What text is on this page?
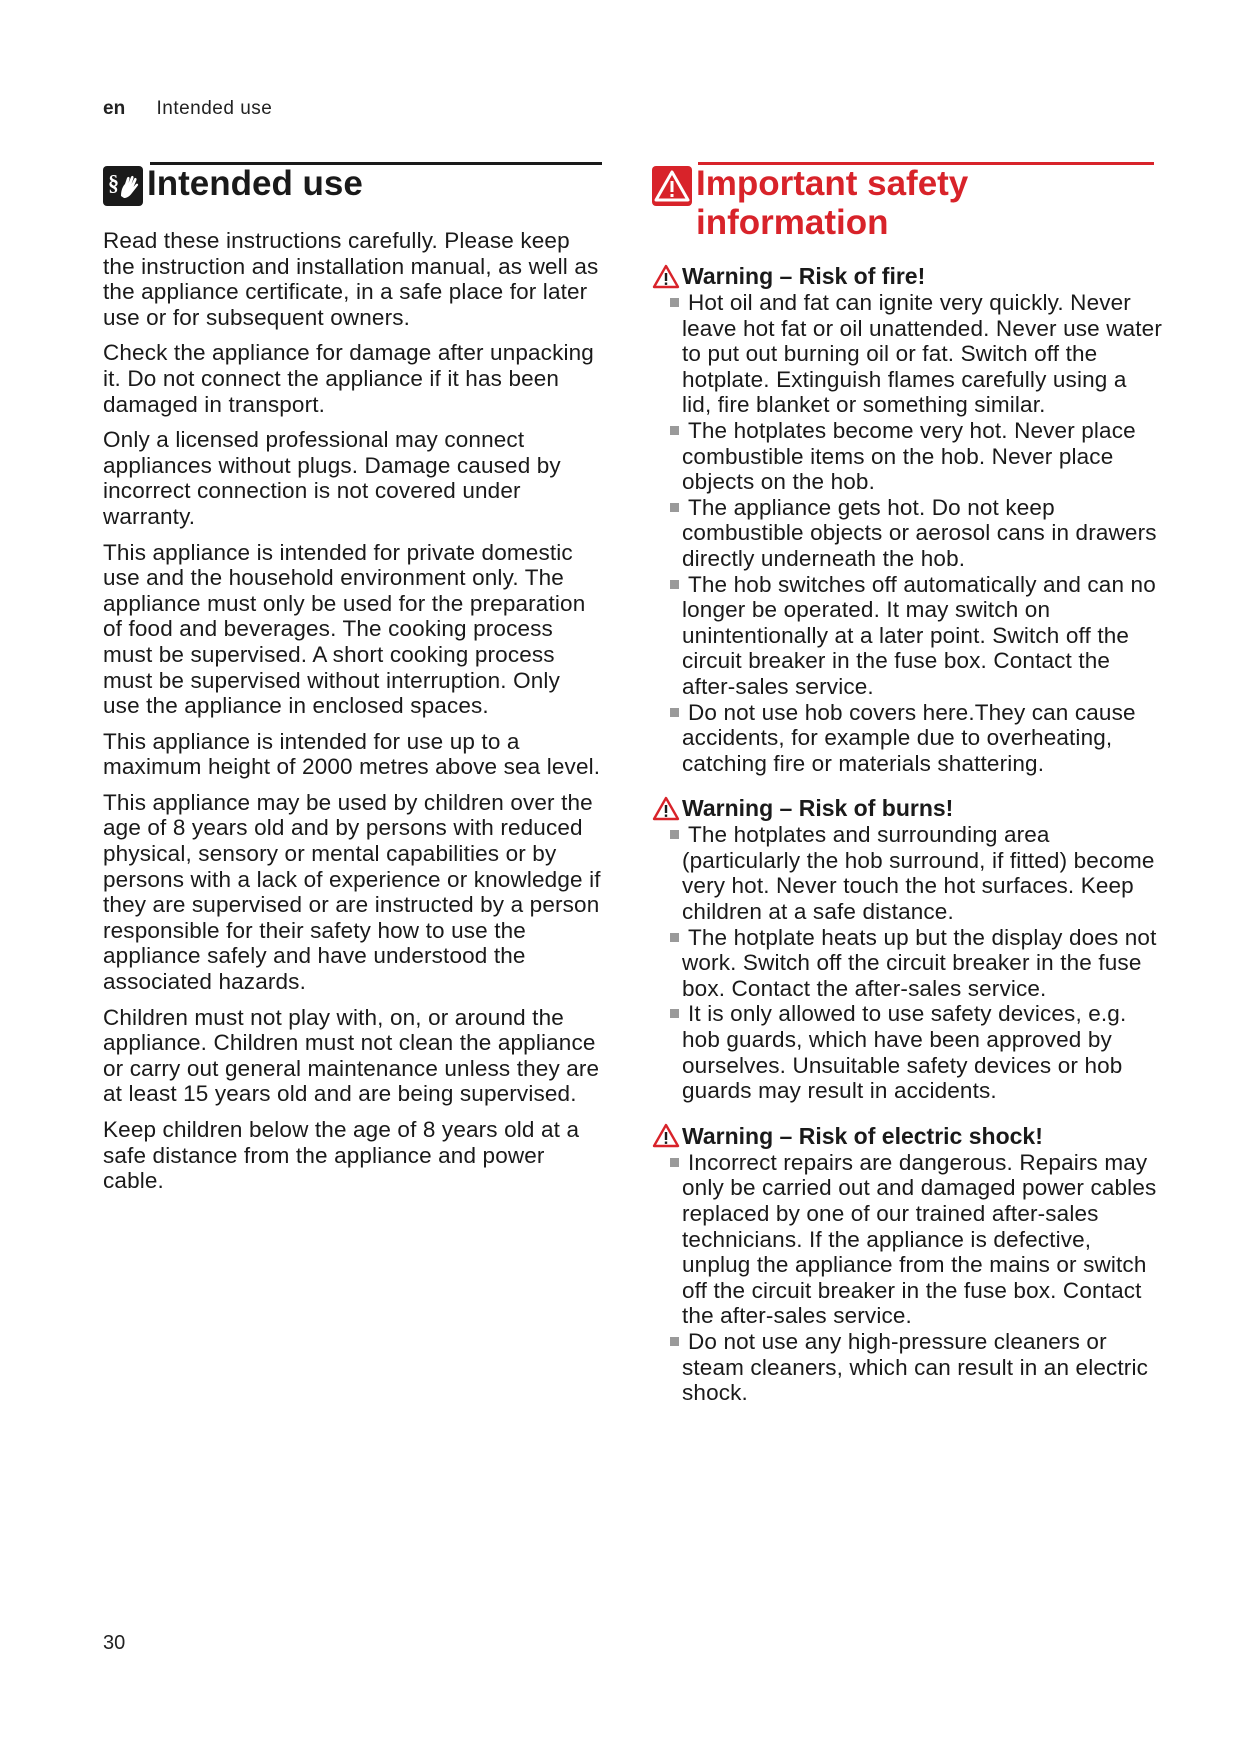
en Intended use
§ Intended use

Read these instructions carefully. Please keep the instruction and installation manual, as well as the appliance certificate, in a safe place for later use or for subsequent owners.

Check the appliance for damage after unpacking it. Do not connect the appliance if it has been damaged in transport.

Only a licensed professional may connect appliances without plugs. Damage caused by incorrect connection is not covered under warranty.

This appliance is intended for private domestic use and the household environment only. The appliance must only be used for the preparation of food and beverages. The cooking process must be supervised. A short cooking process must be supervised without interruption. Only use the appliance in enclosed spaces.

This appliance is intended for use up to a maximum height of 2000 metres above sea level.

This appliance may be used by children over the age of 8 years old and by persons with reduced physical, sensory or mental capabilities or by persons with a lack of experience or knowledge if they are supervised or are instructed by a person responsible for their safety how to use the appliance safely and have understood the associated hazards.

Children must not play with, on, or around the appliance. Children must not clean the appliance or carry out general maintenance unless they are at least 15 years old and are being supervised.

Keep children below the age of 8 years old at a safe distance from the appliance and power cable.

Important safety
information
Warning – Risk of fire!
Hot oil and fat can ignite very quickly. Never leave hot fat or oil unattended. Never use water to put out burning oil or fat. Switch off the hotplate. Extinguish flames carefully using a lid, fire blanket or something similar.
The hotplates become very hot. Never place combustible items on the hob. Never place objects on the hob.
The appliance gets hot. Do not keep combustible objects or aerosol cans in drawers directly underneath the hob.
The hob switches off automatically and can no longer be operated. It may switch on unintentionally at a later point. Switch off the circuit breaker in the fuse box. Contact the after-sales service.
Do not use hob covers here.They can cause accidents, for example due to overheating, catching fire or materials shattering.
Warning – Risk of burns!
The hotplates and surrounding area (particularly the hob surround, if fitted) become very hot. Never touch the hot surfaces. Keep children at a safe distance.
The hotplate heats up but the display does not work. Switch off the circuit breaker in the fuse box. Contact the after-sales service.
It is only allowed to use safety devices, e.g. hob guards, which have been approved by ourselves. Unsuitable safety devices or hob guards may result in accidents.
Warning – Risk of electric shock!
Incorrect repairs are dangerous. Repairs may only be carried out and damaged power cables replaced by one of our trained after-sales technicians. If the appliance is defective, unplug the appliance from the mains or switch off the circuit breaker in the fuse box. Contact the after-sales service.
Do not use any high-pressure cleaners or steam cleaners, which can result in an electric shock.
30
